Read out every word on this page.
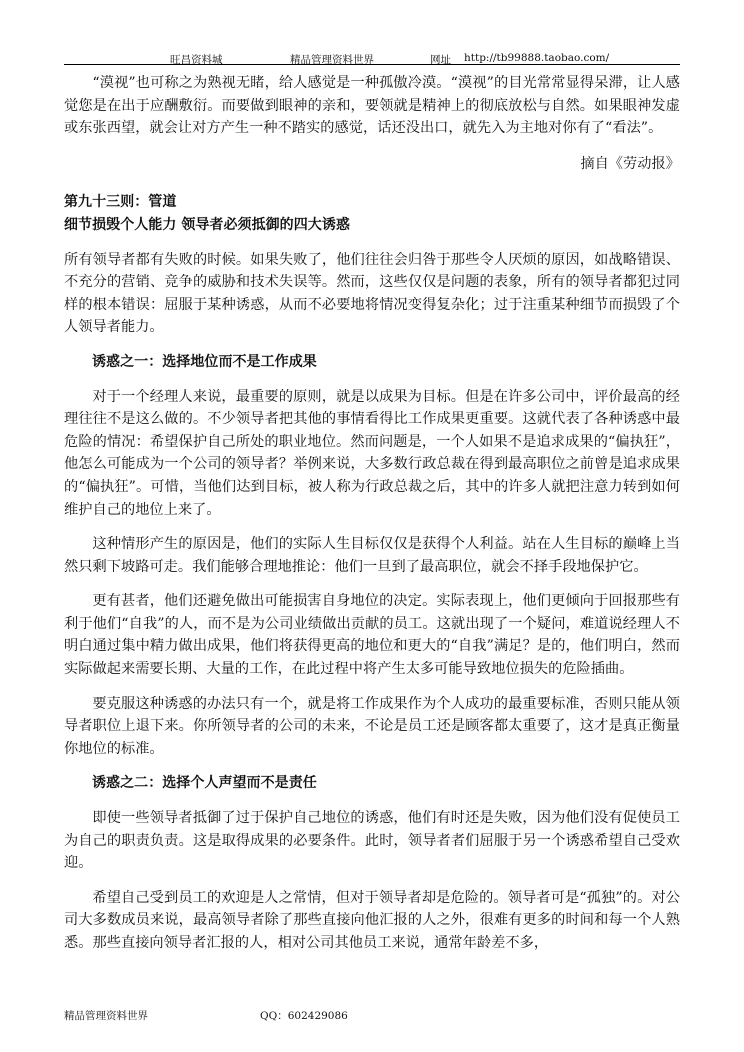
旺昌资料城	精品管理资料世界	网址 http://tb99888.taobao.com/

“漠视”也可称之为熟视无睹，给人感觉是一种孤傲冷漠。“漠视”的目光常常显得呆滞，让人感觉您是在出于应酬敷衍。而要做到眼神的亲和，要领就是精神上的彻底放松与自然。如果眼神发虚或东张西望，就会让对方产生一种不踏实的感觉，话还没出口，就先入为主地对你有了“看法”。

摘自《劳动报》

第九十三则：管道

细节损毁个人能力 领导者必须抵御的四大诱惑

所有领导者都有失败的时候。如果失败了，他们往往会归咎于那些令人厌烦的原因，如战略错误、不充分的营销、竞争的威胁和技术失误等。然而，这些仅仅是问题的表象，所有的领导者都犯过同样的根本错误：屈服于某种诱惑，从而不必要地将情况变得复杂化；过于注重某种细节而损毁了个人领导者能力。

诱惑之一：选择地位而不是工作成果

对于一个经理人来说，最重要的原则，就是以成果为目标。但是在许多公司中，评价最高的经理往往不是这么做的。不少领导者把其他的事情看得比工作成果更重要。这就代表了各种诱惑中最危险的情况：希望保护自己所处的职业地位。然而问题是，一个人如果不是追求成果的“偏执狂”，他怎么可能成为一个公司的领导者？举例来说，大多数行政总裁在得到最高职位之前曾是追求成果的“偏执狂”。可惜，当他们达到目标，被人称为行政总裁之后，其中的许多人就把注意力转到如何维护自己的地位上来了。

这种情形产生的原因是，他们的实际人生目标仅仅是获得个人利益。站在人生目标的巅峰上当然只剩下坡路可走。我们能够合理地推论：他们一旦到了最高职位，就会不择手段地保护它。

更有甚者，他们还避免做出可能损害自身地位的决定。实际表现上，他们更倾向于回报那些有利于他们“自我”的人，而不是为公司业绩做出贡献的员工。这就出现了一个疑问，难道说经理人不明白通过集中精力做出成果，他们将获得更高的地位和更大的“自我”满足？是的，他们明白，然而实际做起来需要长期、大量的工作，在此过程中将产生太多可能导致地位损失的危险插曲。

要克服这种诱惑的办法只有一个，就是将工作成果作为个人成功的最重要标准，否则只能从领导者职位上退下来。你所领导者的公司的未来，不论是员工还是顾客都太重要了，这才是真正衡量你地位的标准。

诱惑之二：选择个人声望而不是责任

即使一些领导者抵御了过于保护自己地位的诱惑，他们有时还是失败，因为他们没有促使员工为自己的职责负责。这是取得成果的必要条件。此时，领导者者们屈服于另一个诱惑希望自己受欢迎。

希望自己受到员工的欢迎是人之常情，但对于领导者却是危险的。领导者可是“孤独”的。对公司大多数成员来说，最高领导者除了那些直接向他汇报的人之外，很难有更多的时间和每一个人熟悉。那些直接向领导者汇报的人，相对公司其他员工来说，通常年龄差不多，

精品管理资料世界	QQ：602429086
